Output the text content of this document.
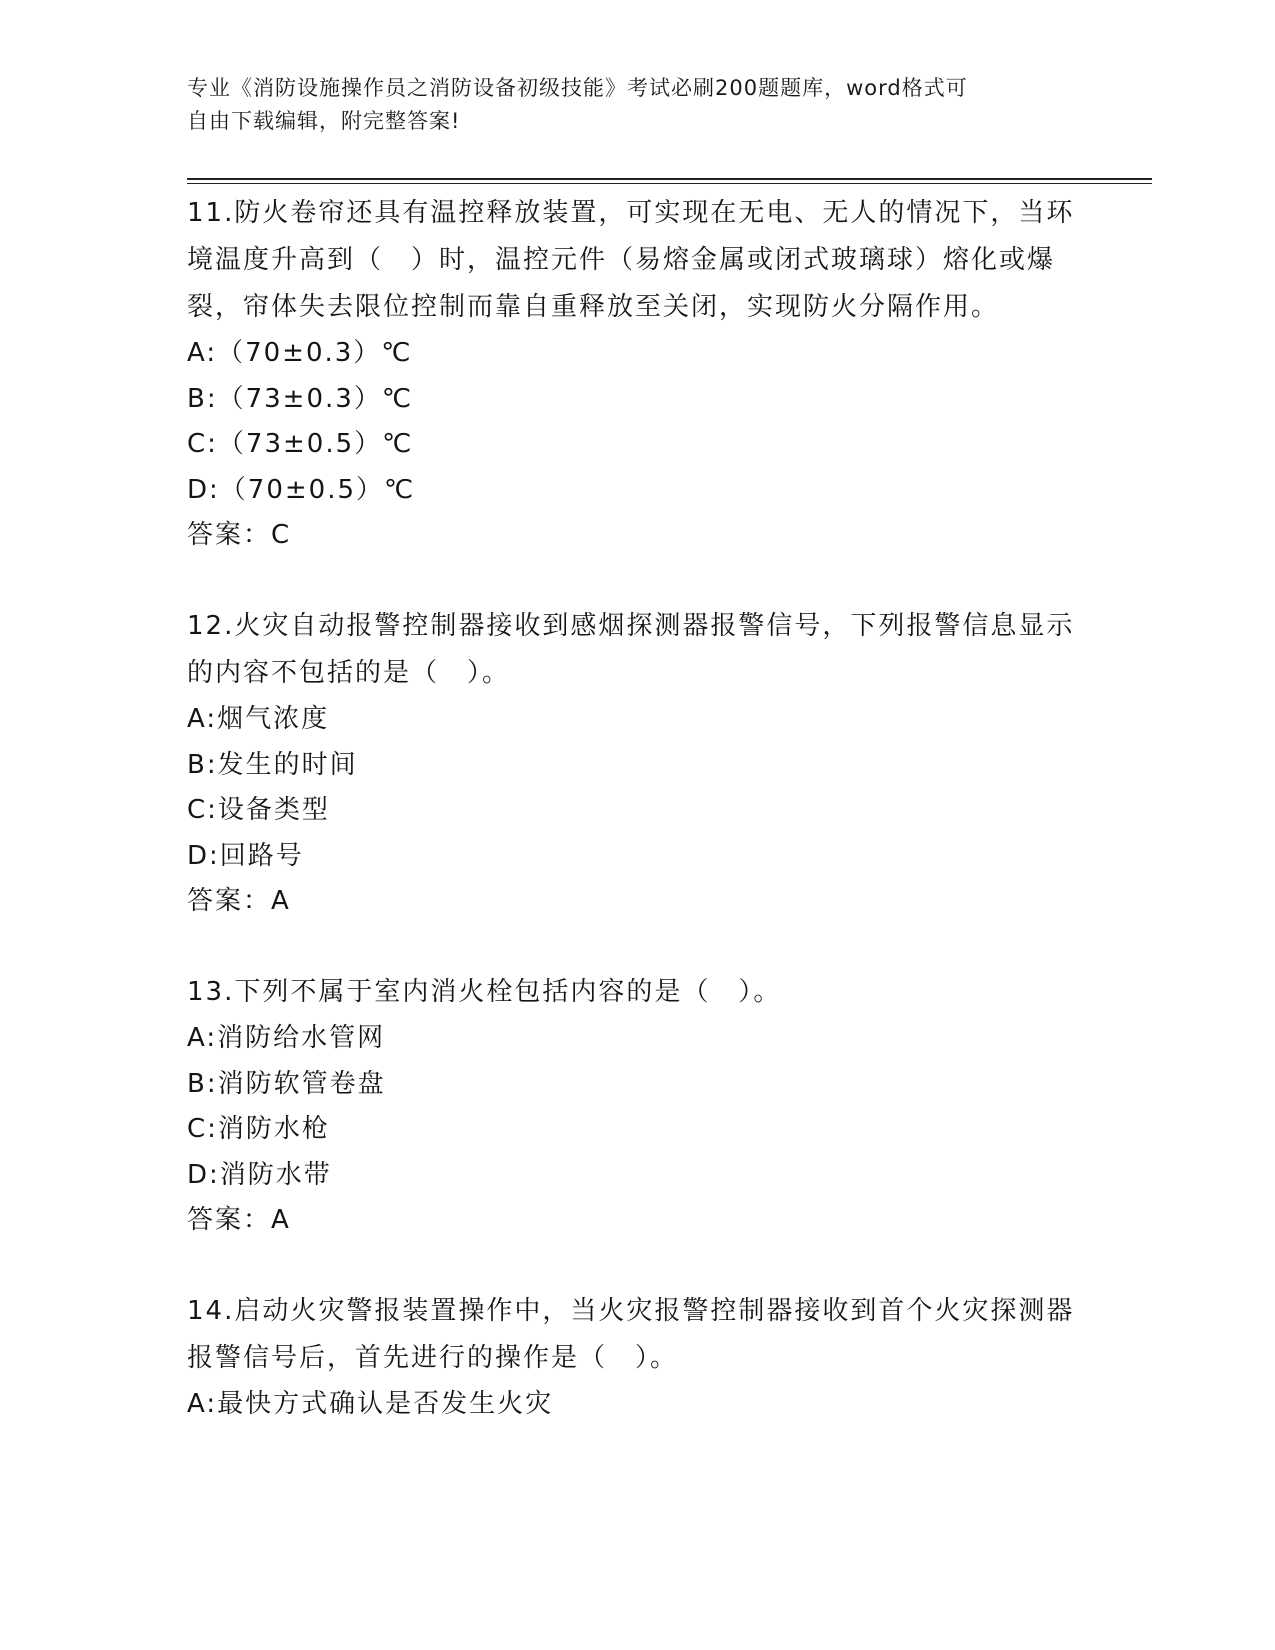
专业《消防设施操作员之消防设备初级技能》考试必刷200题题库，word格式可
自由下载编辑，附完整答案!

11.防火卷帘还具有温控释放装置，可实现在无电、无人的情况下，当环境温度升高到（　）时，温控元件（易熔金属或闭式玻璃球）熔化或爆裂，帘体失去限位控制而靠自重释放至关闭，实现防火分隔作用。

A:（70±0.3）℃

B:（73±0.3）℃

C:（73±0.5）℃

D:（70±0.5）℃

答案：C

12.火灾自动报警控制器接收到感烟探测器报警信号，下列报警信息显示的内容不包括的是（　）。

A:烟气浓度

B:发生的时间

C:设备类型

D:回路号

答案：A

13.下列不属于室内消火栓包括内容的是（　）。

A:消防给水管网

B:消防软管卷盘

C:消防水枪

D:消防水带

答案：A

14.启动火灾警报装置操作中，当火灾报警控制器接收到首个火灾探测器报警信号后，首先进行的操作是（　）。

A:最快方式确认是否发生火灾
